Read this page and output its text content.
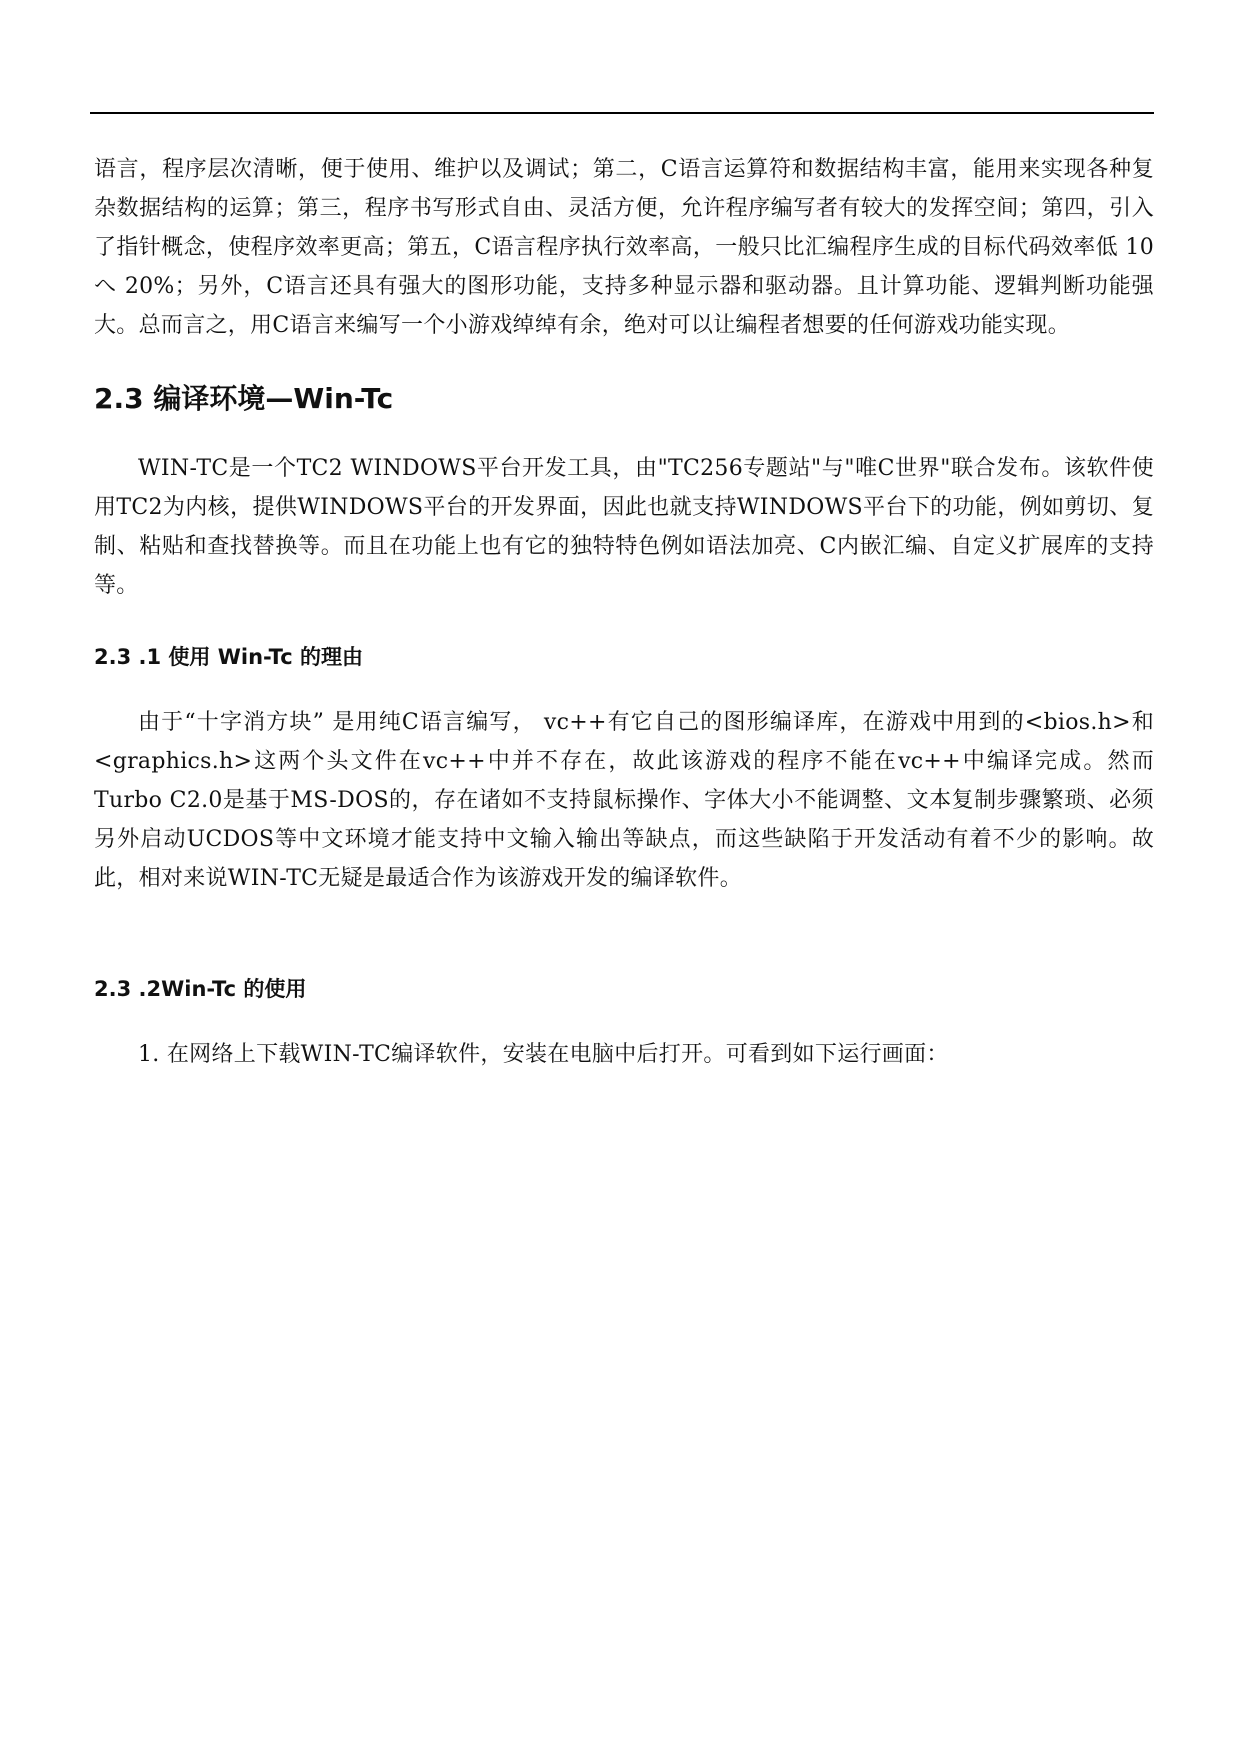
语言，程序层次清晰，便于使用、维护以及调试；第二，C语言运算符和数据结构丰富，能用来实现各种复杂数据结构的运算；第三，程序书写形式自由、灵活方便，允许程序编写者有较大的发挥空间；第四，引入了指针概念，使程序效率更高；第五，C语言程序执行效率高，一般只比汇编程序生成的目标代码效率低 10 へ 20%；另外，C语言还具有强大的图形功能，支持多种显示器和驱动器。且计算功能、逻辑判断功能强大。总而言之，用C语言来编写一个小游戏绰绰有余，绝对可以让编程者想要的任何游戏功能实现。

2.3 编译环境—Win-Tc

WIN-TC是一个TC2 WINDOWS平台开发工具，由"TC256专题站"与"唯C世界"联合发布。该软件使用TC2为内核，提供WINDOWS平台的开发界面，因此也就支持WINDOWS平台下的功能，例如剪切、复制、粘贴和查找替换等。而且在功能上也有它的独特特色例如语法加亮、C内嵌汇编、自定义扩展库的支持等。

2.3 .1 使用 Win-Tc 的理由

由于“十字消方块” 是用纯C语言编写， vc++有它自己的图形编译库，在游戏中用到的<bios.h>和<graphics.h>这两个头文件在vc++中并不存在，故此该游戏的程序不能在vc++中编译完成。然而Turbo C2.0是基于MS-DOS的，存在诸如不支持鼠标操作、字体大小不能调整、文本复制步骤繁琐、必须另外启动UCDOS等中文环境才能支持中文输入输出等缺点，而这些缺陷于开发活动有着不少的影响。故此，相对来说WIN-TC无疑是最适合作为该游戏开发的编译软件。

2.3 .2Win-Tc 的使用

1. 在网络上下载WIN-TC编译软件，安装在电脑中后打开。可看到如下运行画面：
